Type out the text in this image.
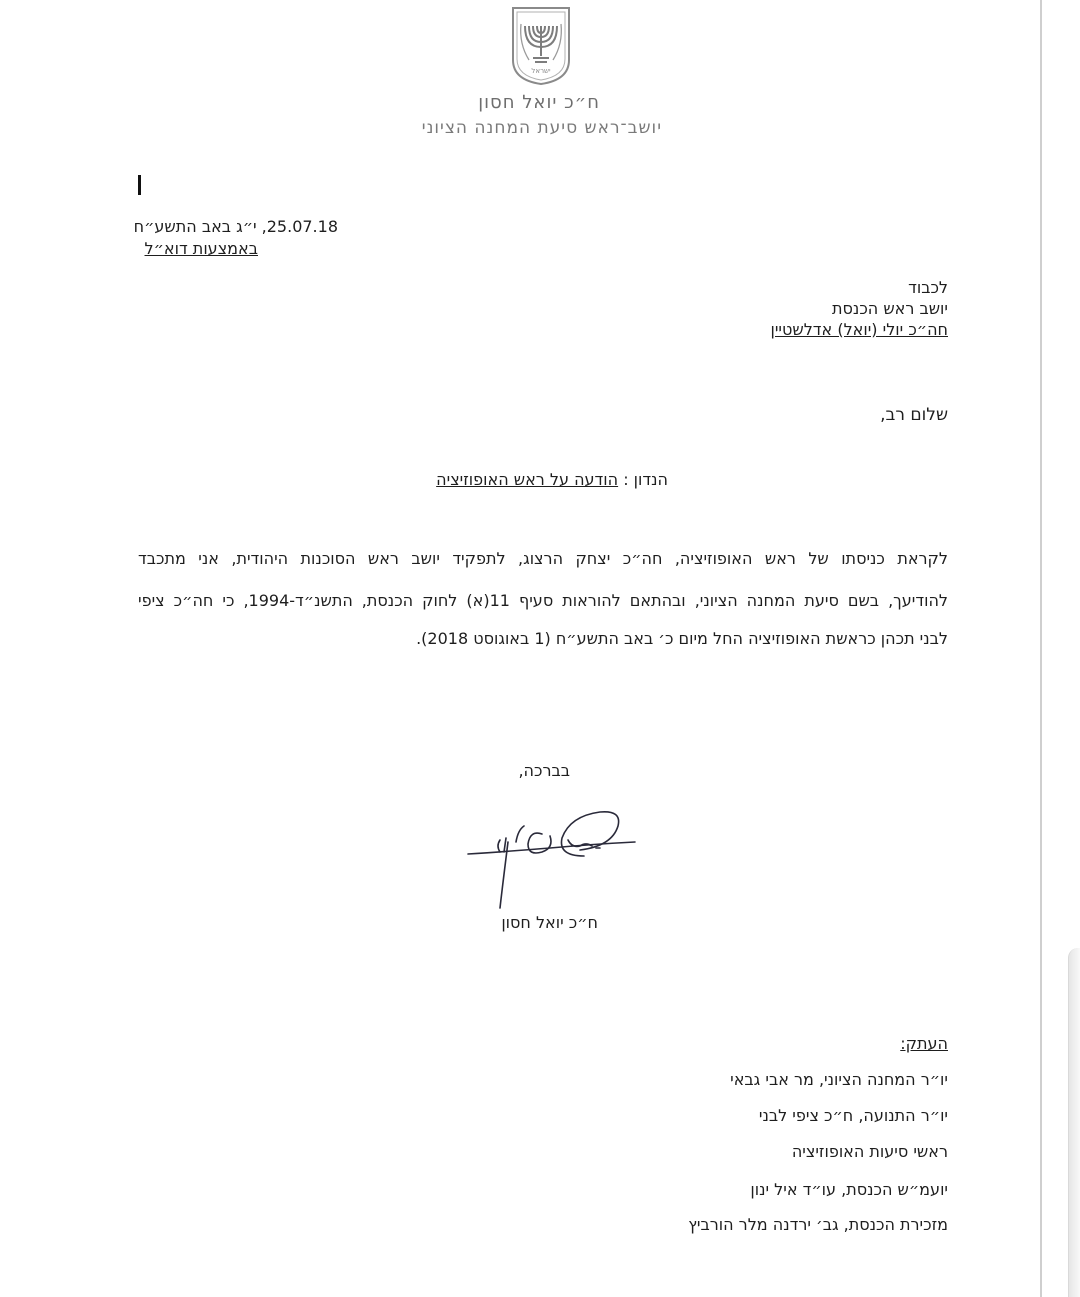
ישראל
ח״כ יואל חסון
יושב־ראש סיעת המחנה הציוני
25.07.18, י״ג באב התשע״ח
באמצעות דוא״ל
לכבוד
יושב ראש הכנסת
חה״כ יולי (יואל) אדלשטיין
שלום רב,
הנדון : הודעה על ראש האופוזיציה
לקראת כניסתו של ראש האופוזיציה, חה״כ יצחק הרצוג, לתפקיד יושב ראש הסוכנות היהודית, אני מתכבד
להודיעך, בשם סיעת המחנה הציוני, ובהתאם להוראות סעיף 11(א) לחוק הכנסת, התשנ״ד-1994, כי חה״כ ציפי
לבני תכהן כראשת האופוזיציה החל מיום כ׳ באב התשע״ח (1 באוגוסט 2018).
בברכה,
ח״כ יואל חסון
העתק:
יו״ר המחנה הציוני, מר אבי גבאי
יו״ר התנועה, ח״כ ציפי לבני
ראשי סיעות האופוזיציה
יועמ״ש הכנסת, עו״ד איל ינון
מזכירת הכנסת, גב׳ ירדנה מלר הורביץ
